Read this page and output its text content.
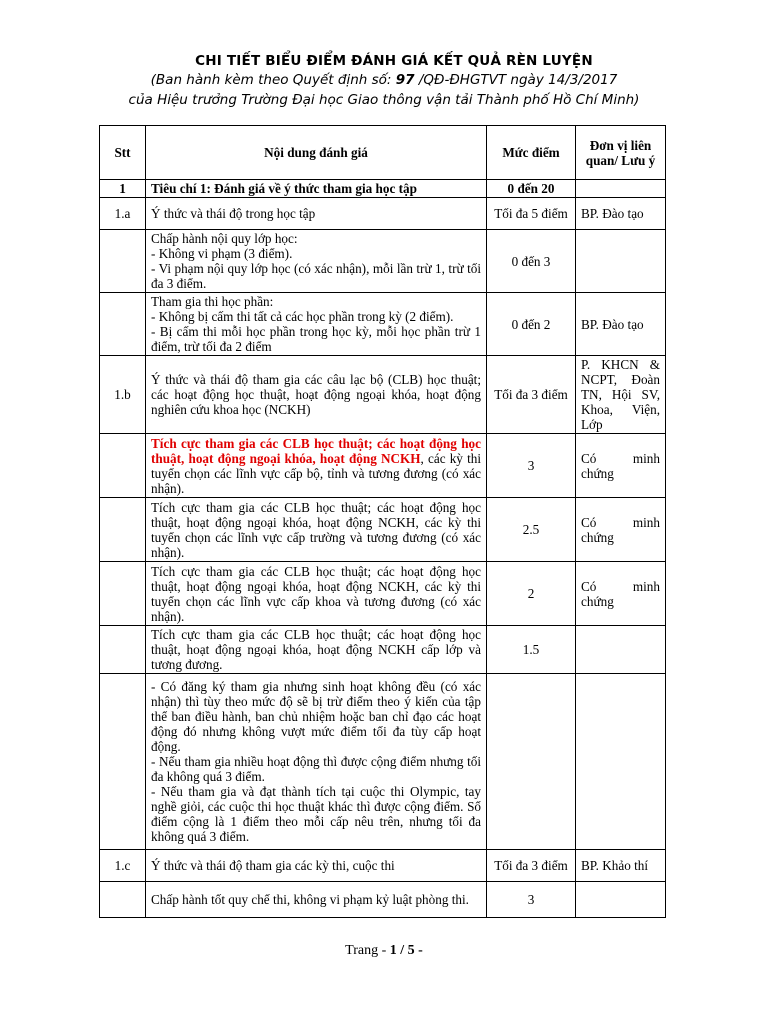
CHI TIẾT BIỂU ĐIỂM ĐÁNH GIÁ KẾT QUẢ RÈN LUYỆN
(Ban hành kèm theo Quyết định số: 97 /QĐ-ĐHGTVT ngày 14/3/2017
của Hiệu trưởng Trường Đại học Giao thông vận tải Thành phố Hồ Chí Minh)
Stt	Nội dung đánh giá	Mức điểm	Đơn vị liên quan/ Lưu ý
1	Tiêu chí 1: Đánh giá về ý thức tham gia học tập	0 đến 20	
1.a	Ý thức và thái độ trong học tập	Tối đa 5 điểm	BP. Đào tạo

	Chấp hành nội quy lớp học:
- Không vi phạm (3 điểm).
- Vi phạm nội quy lớp học (có xác nhận), mỗi lần trừ 1, trừ tối đa 3 điểm.	0 đến 3	

	Tham gia thi học phần:
- Không bị cấm thi tất cả các học phần trong kỳ (2 điểm).
- Bị cấm thi mỗi học phần trong học kỳ, mỗi học phần trừ 1 điểm, trừ tối đa 2 điểm	0 đến 2	BP. Đào tạo
1.b	Ý thức và thái độ tham gia các câu lạc bộ (CLB) học thuật; các hoạt động học thuật, hoạt động ngoại khóa, hoạt động nghiên cứu khoa học (NCKH)	Tối đa 3 điểm	P. KHCN & NCPT, Đoàn TN, Hội SV, Khoa, Viện, Lớp
	Tích cực tham gia các CLB học thuật; các hoạt động học thuật, hoạt động ngoại khóa, hoạt động NCKH, các kỳ thi tuyển chọn các lĩnh vực cấp bộ, tỉnh và tương đương (có xác nhận).	3	Có minh
chứng

	Tích cực tham gia các CLB học thuật; các hoạt động học thuật, hoạt động ngoại khóa, hoạt động NCKH, các kỳ thi tuyển chọn các lĩnh vực cấp trường và tương đương (có xác nhận).	2.5	Có minh
chứng

	Tích cực tham gia các CLB học thuật; các hoạt động học thuật, hoạt động ngoại khóa, hoạt động NCKH, các kỳ thi tuyển chọn các lĩnh vực cấp khoa và tương đương (có xác nhận).	2	Có minh
chứng

	Tích cực tham gia các CLB học thuật; các hoạt động học thuật, hoạt động ngoại khóa, hoạt động NCKH cấp lớp và tương đương.	1.5	

	- Có đăng ký tham gia nhưng sinh hoạt không đều (có xác nhận) thì tùy theo mức độ sẽ bị trừ điểm theo ý kiến của tập thể ban điều hành, ban chủ nhiệm hoặc ban chỉ đạo các hoạt động đó nhưng không vượt mức điểm tối đa tùy cấp hoạt động.
- Nếu tham gia nhiều hoạt động thì được cộng điểm nhưng tối đa không quá 3 điểm.
- Nếu tham gia và đạt thành tích tại cuộc thi Olympic, tay nghề giỏi, các cuộc thi học thuật khác thì được cộng điểm. Số điểm cộng là 1 điểm theo mỗi cấp nêu trên, nhưng tối đa không quá 3 điểm.		

1.c	Ý thức và thái độ tham gia các kỳ thi, cuộc thi	Tối đa 3 điểm	BP. Khảo thí
	Chấp hành tốt quy chế thi, không vi phạm kỷ luật phòng thi.	3	
Trang - 1 / 5 -
